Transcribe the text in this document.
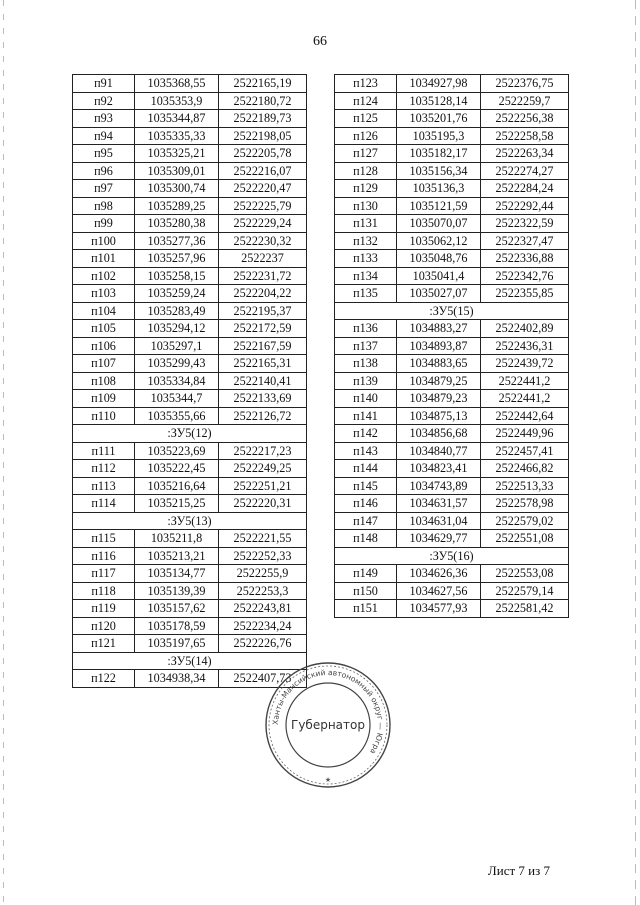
66
п91	1035368,55	2522165,19
п92	1035353,9	2522180,72
п93	1035344,87	2522189,73
п94	1035335,33	2522198,05
п95	1035325,21	2522205,78
п96	1035309,01	2522216,07
п97	1035300,74	2522220,47
п98	1035289,25	2522225,79
п99	1035280,38	2522229,24
п100	1035277,36	2522230,32
п101	1035257,96	2522237
п102	1035258,15	2522231,72
п103	1035259,24	2522204,22
п104	1035283,49	2522195,37
п105	1035294,12	2522172,59
п106	1035297,1	2522167,59
п107	1035299,43	2522165,31
п108	1035334,84	2522140,41
п109	1035344,7	2522133,69
п110	1035355,66	2522126,72
:ЗУ5(12)		
п111	1035223,69	2522217,23
п112	1035222,45	2522249,25
п113	1035216,64	2522251,21
п114	1035215,25	2522220,31
:ЗУ5(13)		
п115	1035211,8	2522221,55
п116	1035213,21	2522252,33
п117	1035134,77	2522255,9
п118	1035139,39	2522253,3
п119	1035157,62	2522243,81
п120	1035178,59	2522234,24
п121	1035197,65	2522226,76
:ЗУ5(14)		
п122	1034938,34	2522407,73
п123	1034927,98	2522376,75
п124	1035128,14	2522259,7
п125	1035201,76	2522256,38
п126	1035195,3	2522258,58
п127	1035182,17	2522263,34
п128	1035156,34	2522274,27
п129	1035136,3	2522284,24
п130	1035121,59	2522292,44
п131	1035070,07	2522322,59
п132	1035062,12	2522327,47
п133	1035048,76	2522336,88
п134	1035041,4	2522342,76
п135	1035027,07	2522355,85
:ЗУ5(15)		
п136	1034883,27	2522402,89
п137	1034893,87	2522436,31
п138	1034883,65	2522439,72
п139	1034879,25	2522441,2
п140	1034879,23	2522441,2
п141	1034875,13	2522442,64
п142	1034856,68	2522449,96
п143	1034840,77	2522457,41
п144	1034823,41	2522466,82
п145	1034743,89	2522513,33
п146	1034631,57	2522578,98
п147	1034631,04	2522579,02
п148	1034629,77	2522551,08
:ЗУ5(16)		
п149	1034626,36	2522553,08
п150	1034627,56	2522579,14
п151	1034577,93	2522581,42
Ханты-Мансийский автономный округ — Югра
Губернатор
★
Лист 7 из 7
